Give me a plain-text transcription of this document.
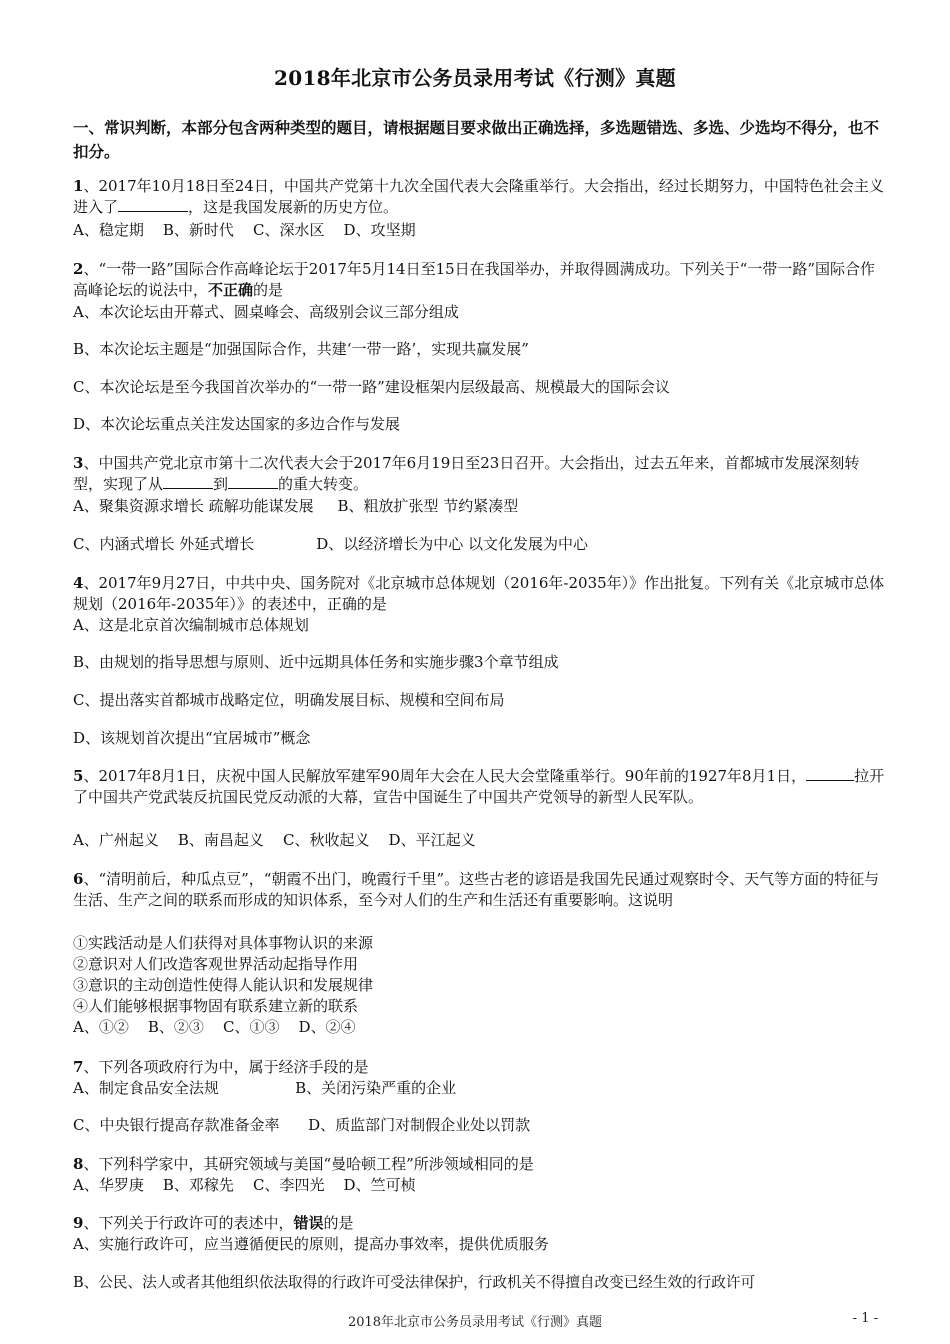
2018年北京市公务员录用考试《行测》真题
一、常识判断，本部分包含两种类型的题目，请根据题目要求做出正确选择，多选题错选、多选、少选均不得分，也不扣分。
1、2017年10月18日至24日，中国共产党第十九次全国代表大会隆重举行。大会指出，经过长期努力，中国特色社会主义进入了	，这是我国发展新的历史方位。
A、稳定期    B、新时代    C、深水区    D、攻坚期
2、“一带一路”国际合作高峰论坛于2017年5月14日至15日在我国举办，并取得圆满成功。下列关于“一带一路”国际合作高峰论坛的说法中，不正确的是
A、本次论坛由开幕式、圆桌峰会、高级别会议三部分组成
B、本次论坛主题是“加强国际合作，共建‘一带一路’，实现共赢发展”
C、本次论坛是至今我国首次举办的“一带一路”建设框架内层级最高、规模最大的国际会议
D、本次论坛重点关注发达国家的多边合作与发展
3、中国共产党北京市第十二次代表大会于2017年6月19日至23日召开。大会指出，过去五年来，首都城市发展深刻转型，实现了从	到	的重大转变。
A、聚集资源求增长 疏解功能谋发展     B、粗放扩张型 节约紧凑型
C、内涵式增长 外延式增长             D、以经济增长为中心 以文化发展为中心
4、2017年9月27日，中共中央、国务院对《北京城市总体规划（2016年-2035年）》作出批复。下列有关《北京城市总体规划（2016年-2035年）》的表述中，正确的是
A、这是北京首次编制城市总体规划
B、由规划的指导思想与原则、近中远期具体任务和实施步骤3个章节组成
C、提出落实首都城市战略定位，明确发展目标、规模和空间布局
D、该规划首次提出“宜居城市”概念
5、2017年8月1日，庆祝中国人民解放军建军90周年大会在人民大会堂隆重举行。90年前的1927年8月1日，	拉开了中国共产党武装反抗国民党反动派的大幕，宣告中国诞生了中国共产党领导的新型人民军队。
A、广州起义    B、南昌起义    C、秋收起义    D、平江起义
6、“清明前后，种瓜点豆”，“朝霞不出门，晚霞行千里”。这些古老的谚语是我国先民通过观察时令、天气等方面的特征与生活、生产之间的联系而形成的知识体系，至今对人们的生产和生活还有重要影响。这说明
①实践活动是人们获得对具体事物认识的来源
②意识对人们改造客观世界活动起指导作用
③意识的主动创造性使得人能认识和发展规律
④人们能够根据事物固有联系建立新的联系
A、①②    B、②③    C、①③    D、②④
7、下列各项政府行为中，属于经济手段的是
A、制定食品安全法规                B、关闭污染严重的企业
C、中央银行提高存款准备金率      D、质监部门对制假企业处以罚款
8、下列科学家中，其研究领域与美国“曼哈顿工程”所涉领域相同的是
A、华罗庚    B、邓稼先    C、李四光    D、竺可桢
9、下列关于行政许可的表述中，错误的是
A、实施行政许可，应当遵循便民的原则，提高办事效率，提供优质服务
B、公民、法人或者其他组织依法取得的行政许可受法律保护，行政机关不得擅自改变已经生效的行政许可
2018年北京市公务员录用考试《行测》真题	- 1 -
